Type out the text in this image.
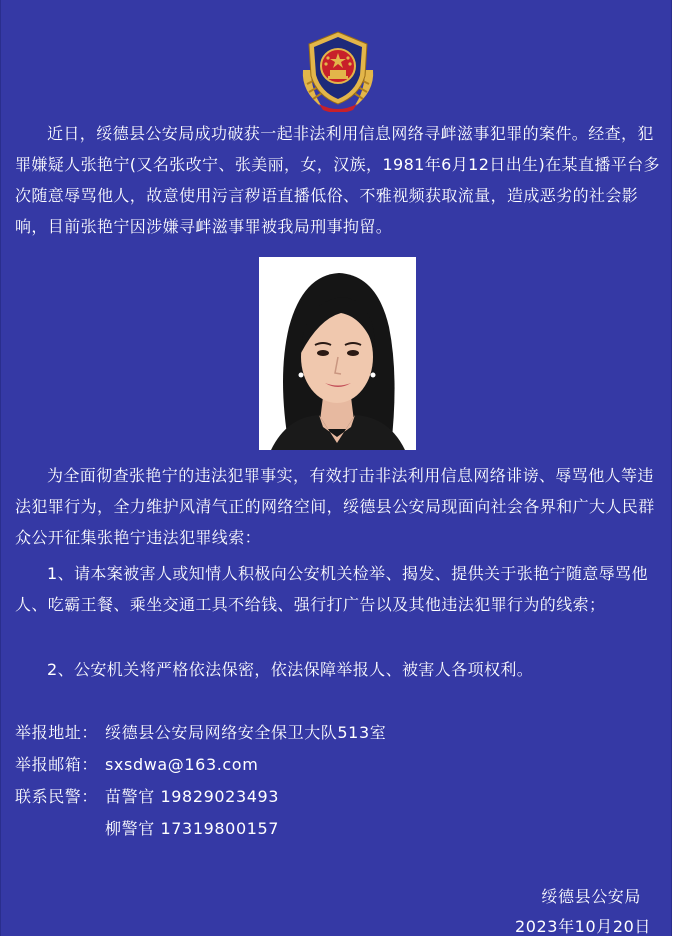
近日，绥德县公安局成功破获一起非法利用信息网络寻衅滋事犯罪的案件。经查，犯罪嫌疑人张艳宁(又名张改宁、张美丽，女，汉族，1981年6月12日出生)在某直播平台多次随意辱骂他人，故意使用污言秽语直播低俗、不雅视频获取流量，造成恶劣的社会影响，目前张艳宁因涉嫌寻衅滋事罪被我局刑事拘留。

为全面彻查张艳宁的违法犯罪事实，有效打击非法利用信息网络诽谤、辱骂他人等违法犯罪行为，全力维护风清气正的网络空间，绥德县公安局现面向社会各界和广大人民群众公开征集张艳宁违法犯罪线索：

1、请本案被害人或知情人积极向公安机关检举、揭发、提供关于张艳宁随意辱骂他人、吃霸王餐、乘坐交通工具不给钱、强行打广告以及其他违法犯罪行为的线索；

2、公安机关将严格依法保密，依法保障举报人、被害人各项权利。

举报地址： 绥德县公安局网络安全保卫大队513室
举报邮箱： sxsdwa@163.com
联系民警： 苗警官 19829023493
柳警官 17319800157
绥德县公安局
2023年10月20日
